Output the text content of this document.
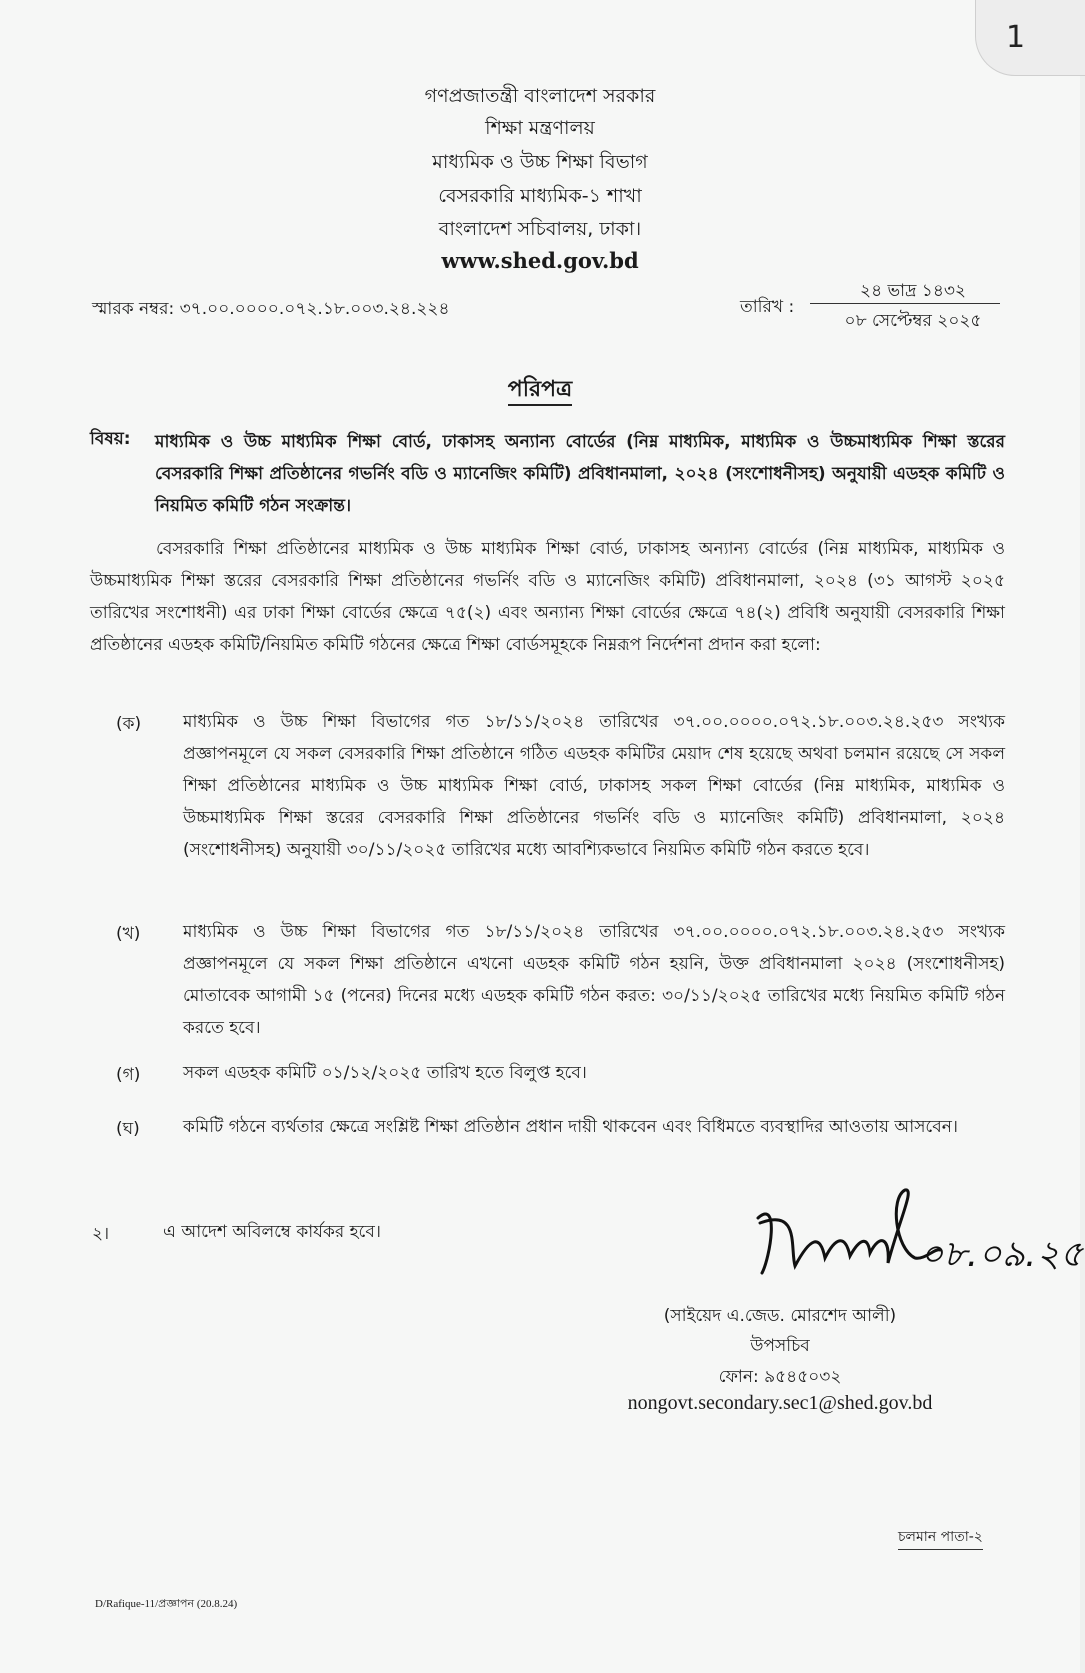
1
গণপ্রজাতন্ত্রী বাংলাদেশ সরকার
শিক্ষা মন্ত্রণালয়
মাধ্যমিক ও উচ্চ শিক্ষা বিভাগ
বেসরকারি মাধ্যমিক-১ শাখা
বাংলাদেশ সচিবালয়, ঢাকা।
www.shed.gov.bd
স্মারক নম্বর: ৩৭.০০.০০০০.০৭২.১৮.০০৩.২৪.২২৪	তারিখ :
২৪ ভাদ্র ১৪৩২
০৮ সেপ্টেম্বর ২০২৫
পরিপত্র
বিষয়: মাধ্যমিক ও উচ্চ মাধ্যমিক শিক্ষা বোর্ড, ঢাকাসহ অন্যান্য বোর্ডের (নিম্ন মাধ্যমিক, মাধ্যমিক ও উচ্চমাধ্যমিক শিক্ষা স্তরের বেসরকারি শিক্ষা প্রতিষ্ঠানের গভর্নিং বডি ও ম্যানেজিং কমিটি) প্রবিধানমালা, ২০২৪ (সংশোধনীসহ) অনুযায়ী এডহক কমিটি ও নিয়মিত কমিটি গঠন সংক্রান্ত।
বেসরকারি শিক্ষা প্রতিষ্ঠানের মাধ্যমিক ও উচ্চ মাধ্যমিক শিক্ষা বোর্ড, ঢাকাসহ অন্যান্য বোর্ডের (নিম্ন মাধ্যমিক, মাধ্যমিক ও উচ্চমাধ্যমিক শিক্ষা স্তরের বেসরকারি শিক্ষা প্রতিষ্ঠানের গভর্নিং বডি ও ম্যানেজিং কমিটি) প্রবিধানমালা, ২০২৪ (৩১ আগস্ট ২০২৫ তারিখের সংশোধনী) এর ঢাকা শিক্ষা বোর্ডের ক্ষেত্রে ৭৫(২) এবং অন্যান্য শিক্ষা বোর্ডের ক্ষেত্রে ৭৪(২) প্রবিধি অনুযায়ী বেসরকারি শিক্ষা প্রতিষ্ঠানের এডহক কমিটি/নিয়মিত কমিটি গঠনের ক্ষেত্রে শিক্ষা বোর্ডসমূহকে নিম্নরূপ নির্দেশনা প্রদান করা হলো:
(ক) মাধ্যমিক ও উচ্চ শিক্ষা বিভাগের গত ১৮/১১/২০২৪ তারিখের ৩৭.০০.০০০০.০৭২.১৮.০০৩.২৪.২৫৩ সংখ্যক প্রজ্ঞাপনমূলে যে সকল বেসরকারি শিক্ষা প্রতিষ্ঠানে গঠিত এডহক কমিটির মেয়াদ শেষ হয়েছে অথবা চলমান রয়েছে সে সকল শিক্ষা প্রতিষ্ঠানের মাধ্যমিক ও উচ্চ মাধ্যমিক শিক্ষা বোর্ড, ঢাকাসহ সকল শিক্ষা বোর্ডের (নিম্ন মাধ্যমিক, মাধ্যমিক ও উচ্চমাধ্যমিক শিক্ষা স্তরের বেসরকারি শিক্ষা প্রতিষ্ঠানের গভর্নিং বডি ও ম্যানেজিং কমিটি) প্রবিধানমালা, ২০২৪ (সংশোধনীসহ) অনুযায়ী ৩০/১১/২০২৫ তারিখের মধ্যে আবশ্যিকভাবে নিয়মিত কমিটি গঠন করতে হবে।
(খ)	মাধ্যমিক ও উচ্চ শিক্ষা বিভাগের গত ১৮/১১/২০২৪ তারিখের ৩৭.০০.০০০০.০৭২.১৮.০০৩.২৪.২৫৩ সংখ্যক প্রজ্ঞাপনমূলে যে সকল শিক্ষা প্রতিষ্ঠানে এখনো এডহক কমিটি গঠন হয়নি, উক্ত প্রবিধানমালা ২০২৪ (সংশোধনীসহ) মোতাবেক আগামী ১৫ (পনের) দিনের মধ্যে এডহক কমিটি গঠন করত: ৩০/১১/২০২৫ তারিখের মধ্যে নিয়মিত কমিটি গঠন করতে হবে।
(গ)	সকল এডহক কমিটি ০১/১২/২০২৫ তারিখ হতে বিলুপ্ত হবে।
(ঘ)	কমিটি গঠনে ব্যর্থতার ক্ষেত্রে সংশ্লিষ্ট শিক্ষা প্রতিষ্ঠান প্রধান দায়ী থাকবেন এবং বিধিমতে ব্যবস্থাদির আওতায় আসবেন।
২।	এ আদেশ অবিলম্বে কার্যকর হবে।
০৮.০৯.২৫
(সাইয়েদ এ.জেড. মোরশেদ আলী)
উপসচিব
ফোন: ৯৫৪৫০৩২
nongovt.secondary.sec1@shed.gov.bd
চলমান পাতা-২
D/Rafique-11/প্রজ্ঞাপন (20.8.24)
